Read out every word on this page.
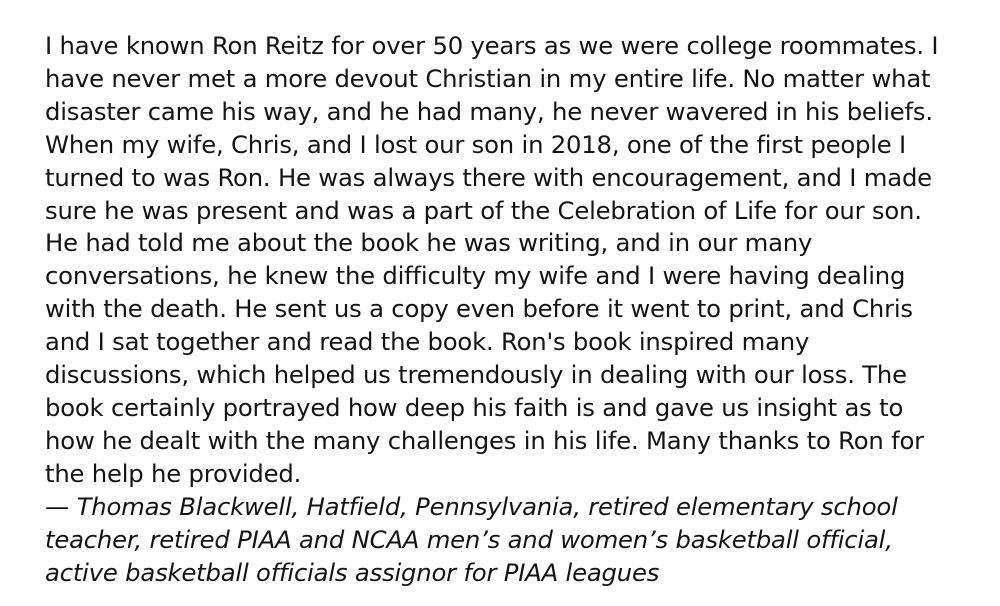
I have known Ron Reitz for over 50 years as we were college roommates. I
have never met a more devout Christian in my entire life. No matter what
disaster came his way, and he had many, he never wavered in his beliefs.
When my wife, Chris, and I lost our son in 2018, one of the first people I
turned to was Ron. He was always there with encouragement, and I made
sure he was present and was a part of the Celebration of Life for our son.
He had told me about the book he was writing, and in our many
conversations, he knew the difficulty my wife and I were having dealing
with the death. He sent us a copy even before it went to print, and Chris
and I sat together and read the book. Ron's book inspired many
discussions, which helped us tremendously in dealing with our loss. The
book certainly portrayed how deep his faith is and gave us insight as to
how he dealt with the many challenges in his life. Many thanks to Ron for
the help he provided.
— Thomas Blackwell, Hatfield, Pennsylvania, retired elementary school
teacher, retired PIAA and NCAA men’s and women’s basketball official,
active basketball officials assignor for PIAA leagues
